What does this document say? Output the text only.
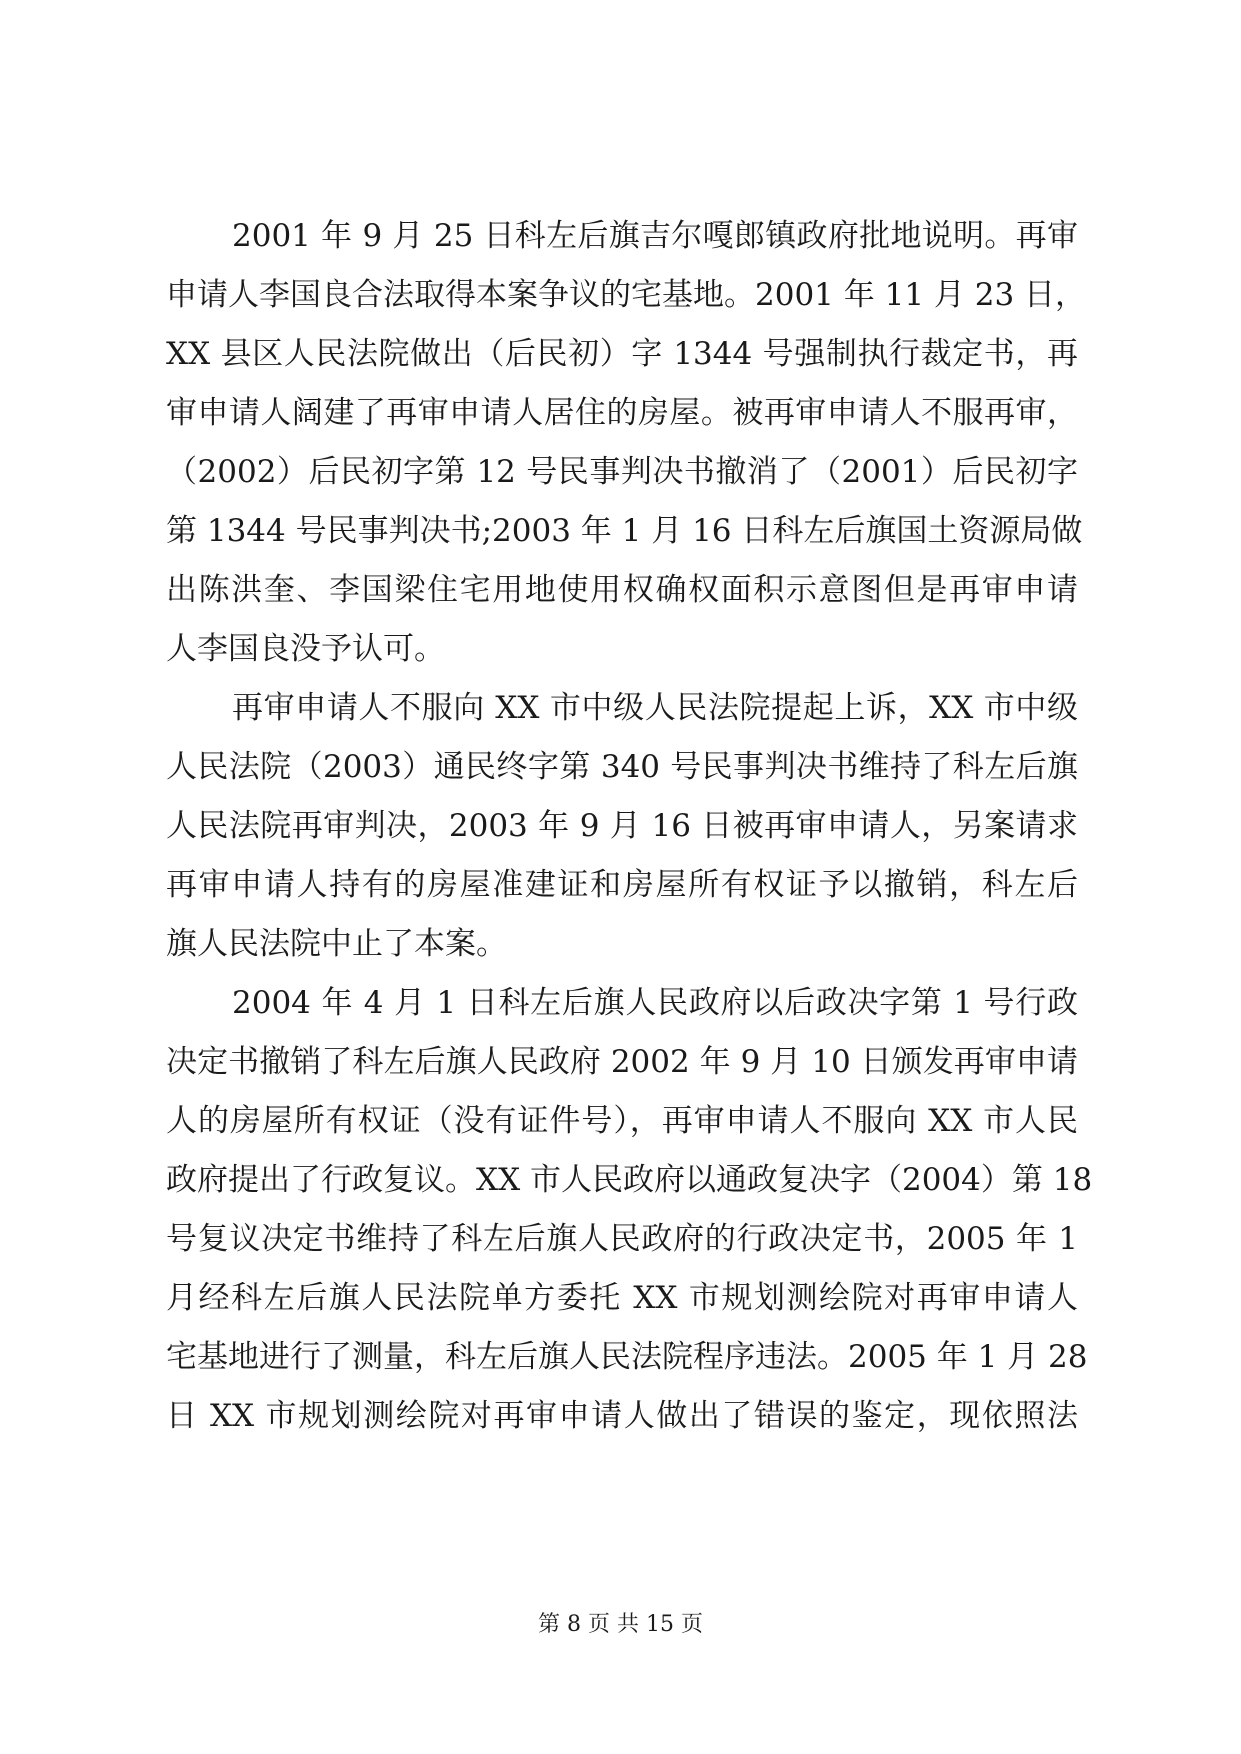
2001 年 9 月 25 日科左后旗吉尔嘎郎镇政府批地说明。再审
申请人李国良合法取得本案争议的宅基地。2001 年 11 月 23 日，
XX 县区人民法院做出（后民初）字 1344 号强制执行裁定书，再
审申请人阔建了再审申请人居住的房屋。被再审申请人不服再审，
（2002）后民初字第 12 号民事判决书撤消了（2001）后民初字
第 1344 号民事判决书;2003 年 1 月 16 日科左后旗国土资源局做
出陈洪奎、李国梁住宅用地使用权确权面积示意图但是再审申请
人李国良没予认可。
再审申请人不服向 XX 市中级人民法院提起上诉，XX 市中级
人民法院（2003）通民终字第 340 号民事判决书维持了科左后旗
人民法院再审判决，2003 年 9 月 16 日被再审申请人，另案请求
再审申请人持有的房屋准建证和房屋所有权证予以撤销，科左后
旗人民法院中止了本案。
2004 年 4 月 1 日科左后旗人民政府以后政决字第 1 号行政
决定书撤销了科左后旗人民政府 2002 年 9 月 10 日颁发再审申请
人的房屋所有权证（没有证件号），再审申请人不服向 XX 市人民
政府提出了行政复议。XX 市人民政府以通政复决字（2004）第 18
号复议决定书维持了科左后旗人民政府的行政决定书，2005 年 1
月经科左后旗人民法院单方委托 XX 市规划测绘院对再审申请人
宅基地进行了测量，科左后旗人民法院程序违法。2005 年 1 月 28
日 XX 市规划测绘院对再审申请人做出了错误的鉴定，现依照法
第 8 页 共 15 页
